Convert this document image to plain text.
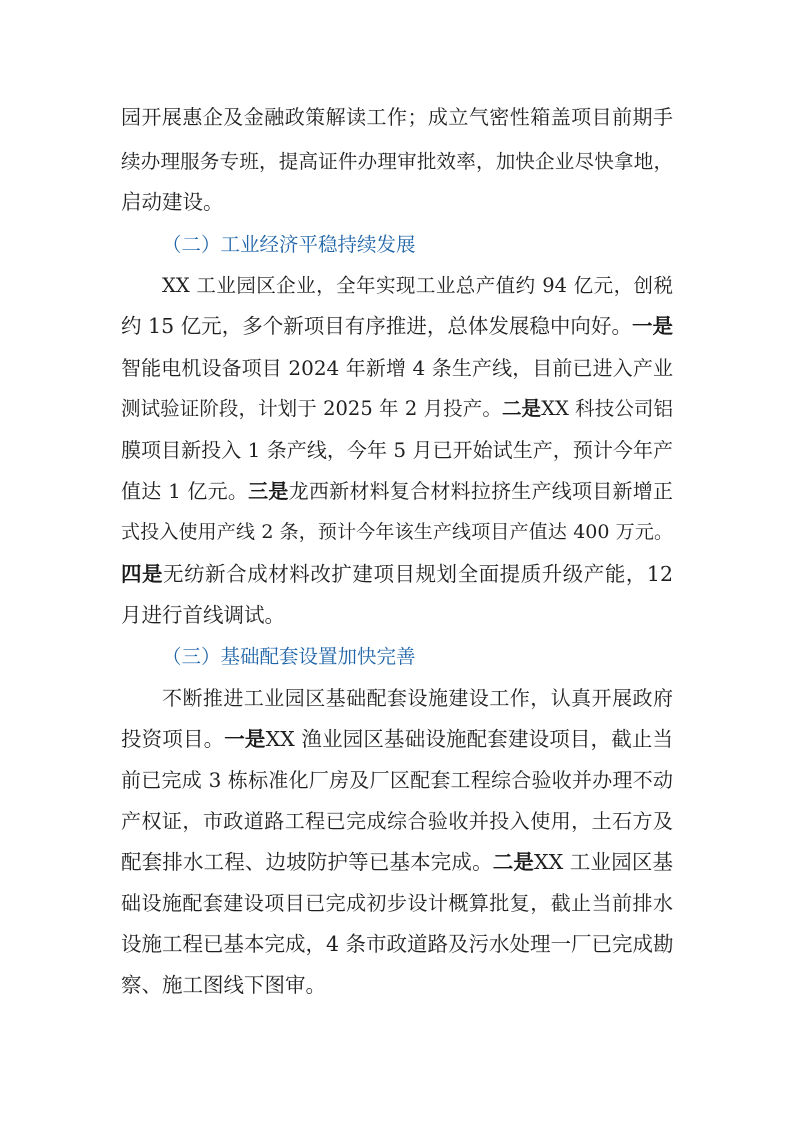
园开展惠企及金融政策解读工作；成立气密性箱盖项目前期手
续办理服务专班，提高证件办理审批效率，加快企业尽快拿地，
启动建设。
（二）工业经济平稳持续发展
XX 工业园区企业，全年实现工业总产值约 94 亿元，创税
约 15 亿元，多个新项目有序推进，总体发展稳中向好。一是
智能电机设备项目 2024 年新增 4 条生产线，目前已进入产业
测试验证阶段，计划于 2025 年 2 月投产。二是XX 科技公司铝
膜项目新投入 1 条产线，今年 5 月已开始试生产，预计今年产
值达 1 亿元。三是龙西新材料复合材料拉挤生产线项目新增正
式投入使用产线 2 条，预计今年该生产线项目产值达 400 万元。
四是无纺新合成材料改扩建项目规划全面提质升级产能，12
月进行首线调试。
（三）基础配套设置加快完善
不断推进工业园区基础配套设施建设工作，认真开展政府
投资项目。一是XX 渔业园区基础设施配套建设项目，截止当
前已完成 3 栋标准化厂房及厂区配套工程综合验收并办理不动
产权证，市政道路工程已完成综合验收并投入使用，土石方及
配套排水工程、边坡防护等已基本完成。二是XX 工业园区基
础设施配套建设项目已完成初步设计概算批复，截止当前排水
设施工程已基本完成，4 条市政道路及污水处理一厂已完成勘
察、施工图线下图审。
